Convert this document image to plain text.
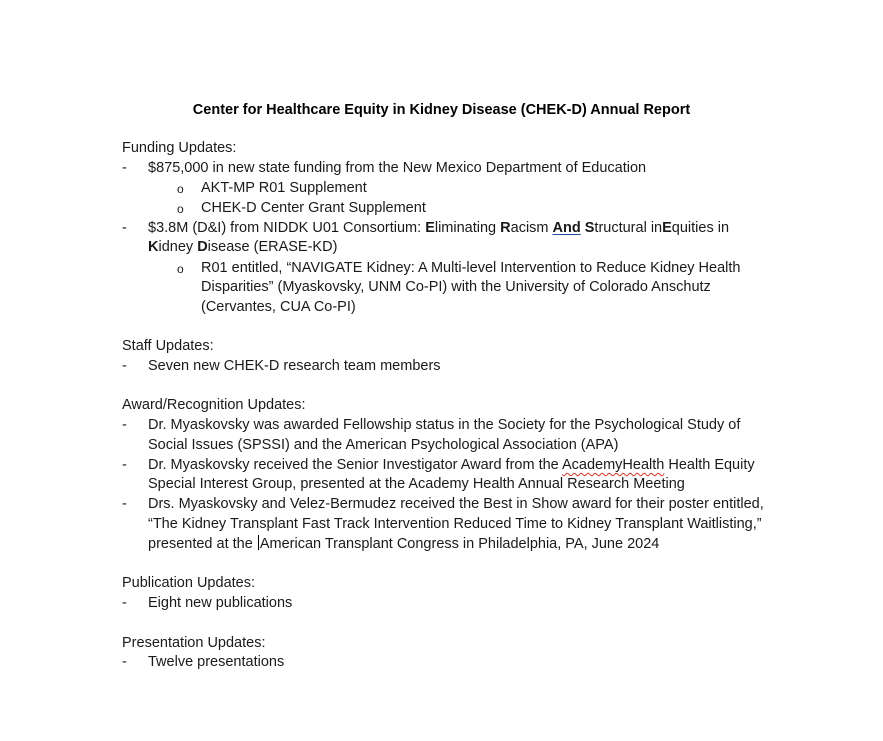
Center for Healthcare Equity in Kidney Disease (CHEK-D) Annual Report
Funding Updates:
- $875,000 in new state funding from the New Mexico Department of Education
o AKT-MP R01 Supplement
o CHEK-D Center Grant Supplement
- $3.8M (D&I) from NIDDK U01 Consortium: Eliminating Racism And Structural inEquities in
Kidney Disease (ERASE-KD)
o R01 entitled, “NAVIGATE Kidney: A Multi-level Intervention to Reduce Kidney Health
Disparities” (Myaskovsky, UNM Co-PI) with the University of Colorado Anschutz
(Cervantes, CUA Co-PI)
Staff Updates:
- Seven new CHEK-D research team members
Award/Recognition Updates:
- Dr. Myaskovsky was awarded Fellowship status in the Society for the Psychological Study of
Social Issues (SPSSI) and the American Psychological Association (APA)
- Dr. Myaskovsky received the Senior Investigator Award from the AcademyHealth Health Equity
Special Interest Group, presented at the Academy Health Annual Research Meeting
- Drs. Myaskovsky and Velez-Bermudez received the Best in Show award for their poster entitled,
“The Kidney Transplant Fast Track Intervention Reduced Time to Kidney Transplant Waitlisting,”
presented at the American Transplant Congress in Philadelphia, PA, June 2024
Publication Updates:
- Eight new publications
Presentation Updates:
- Twelve presentations
